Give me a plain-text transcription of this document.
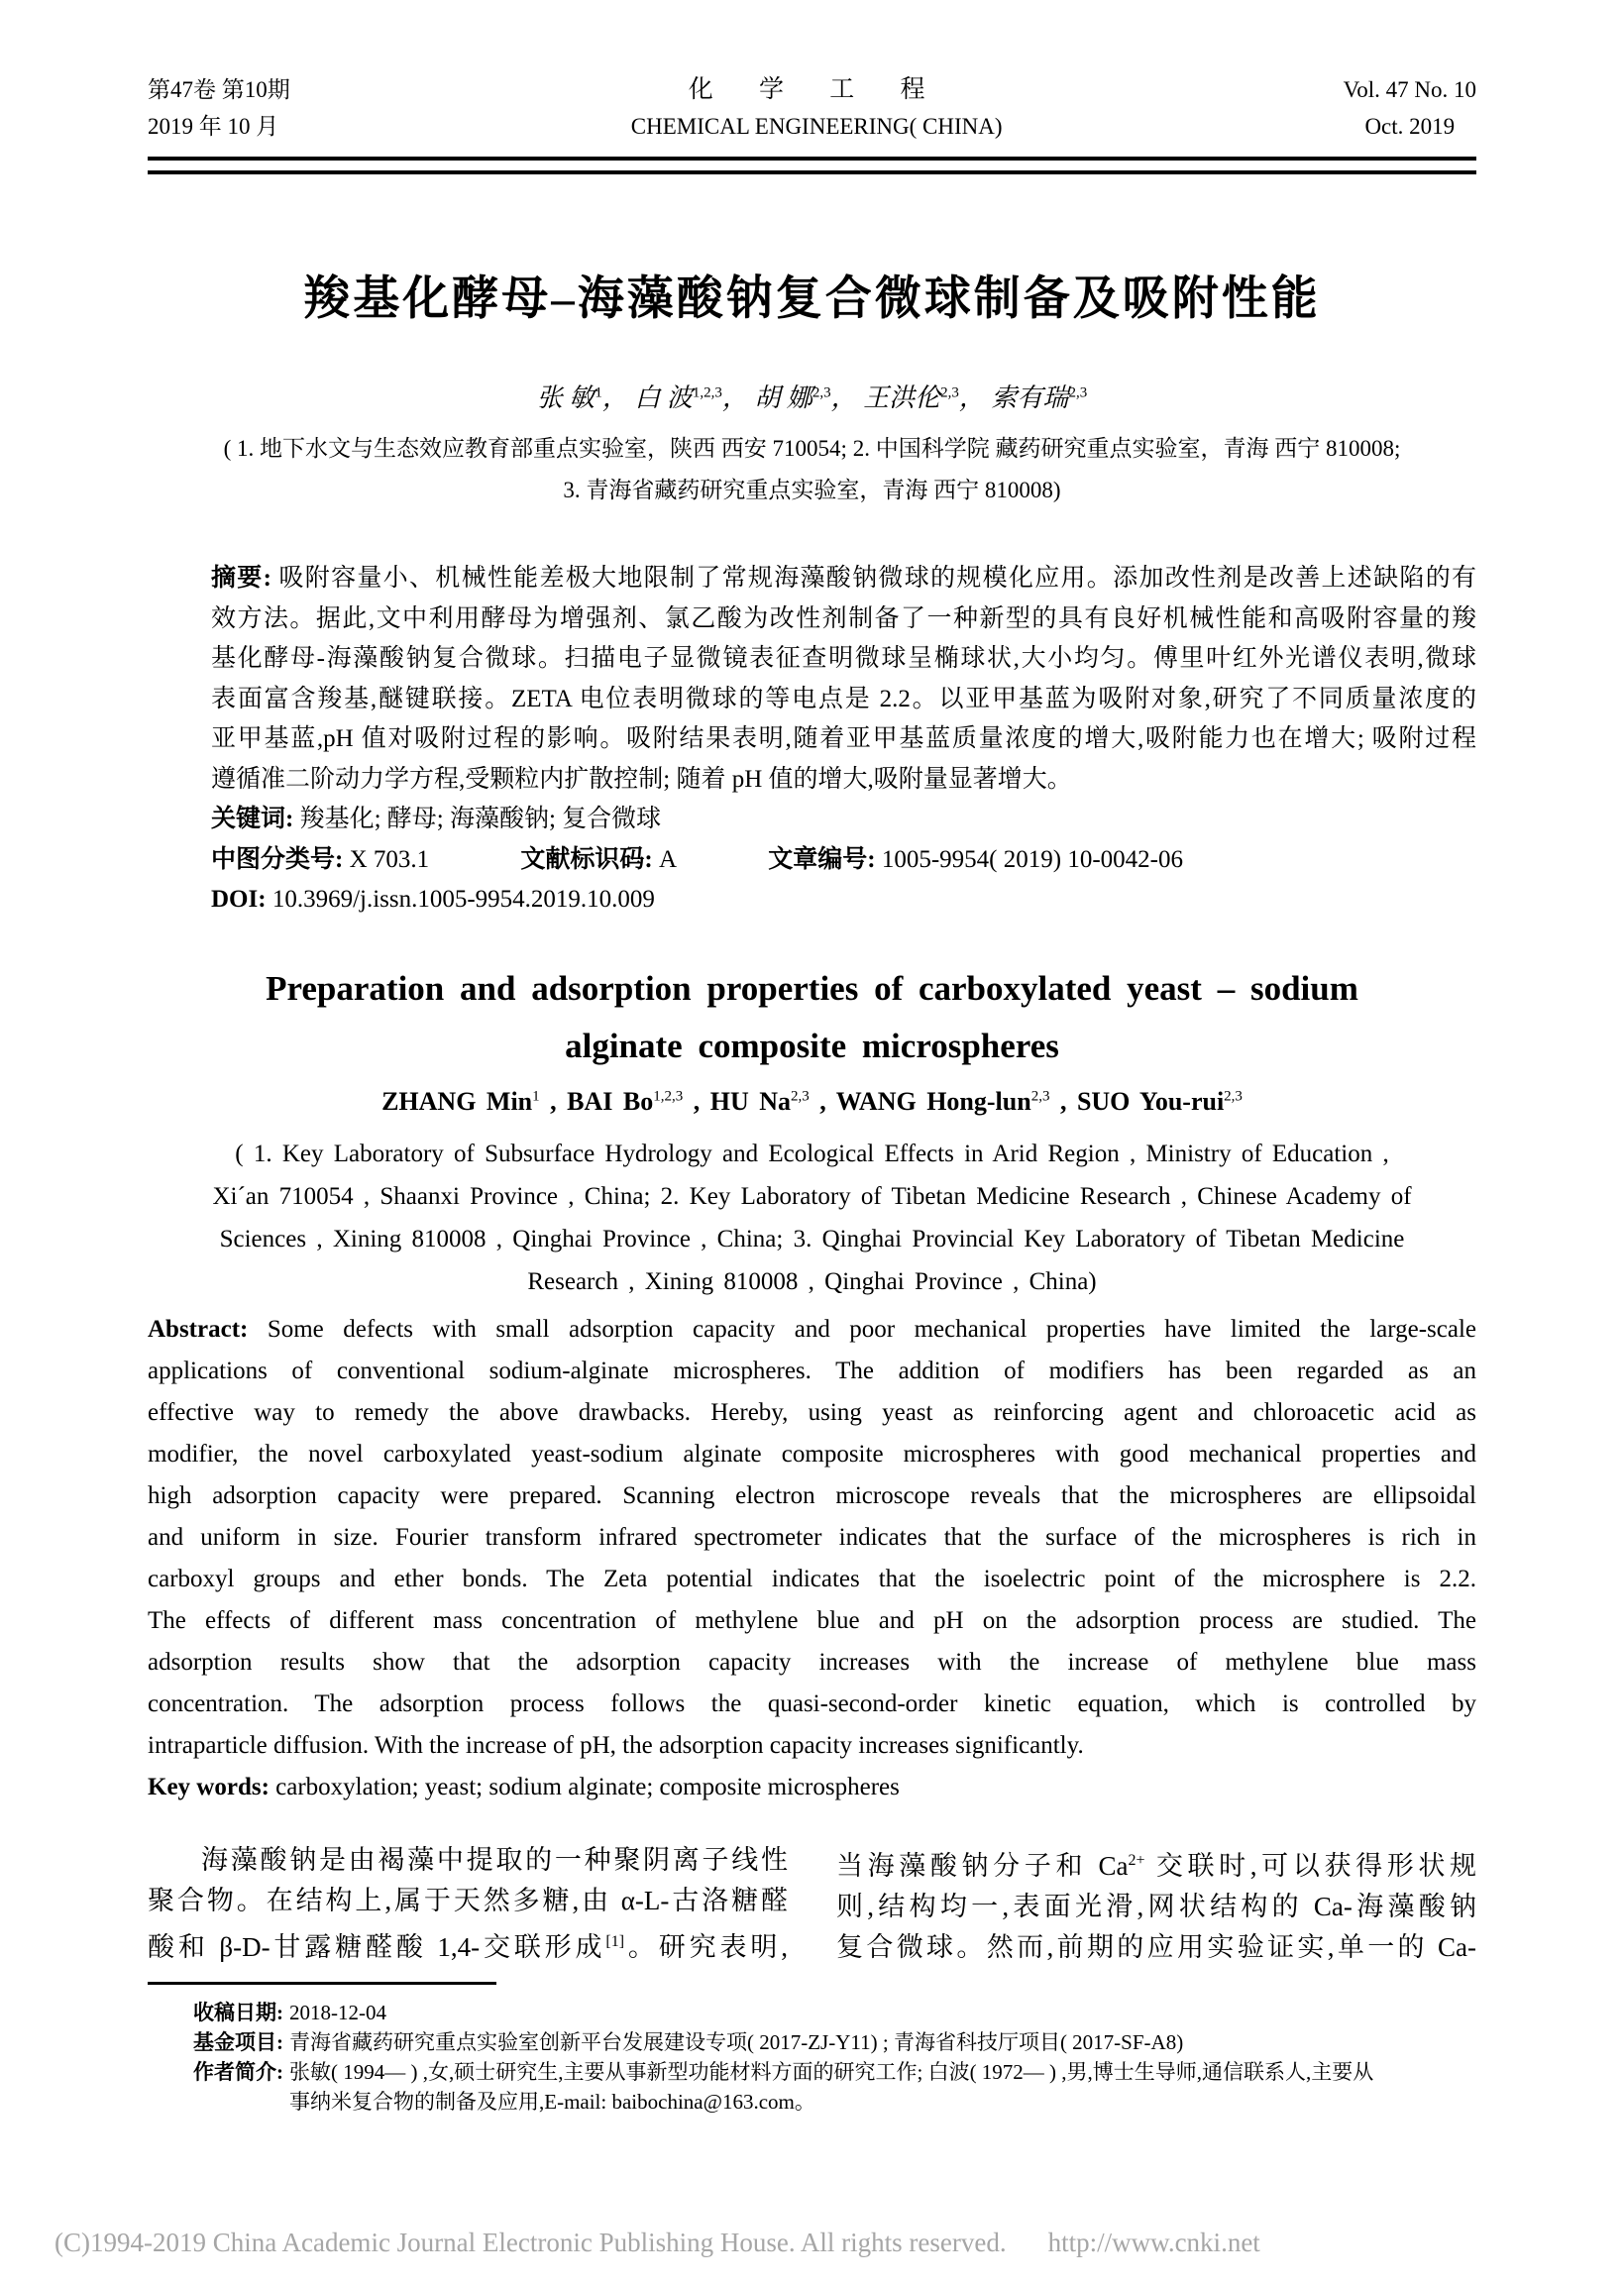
第47卷 第10期
2019 年 10 月
化 学 工 程
CHEMICAL ENGINEERING( CHINA)
Vol. 47 No. 10
Oct. 2019
羧基化酵母–海藻酸钠复合微球制备及吸附性能
张 敏$^1$， 白 波$^{1,2,3}$， 胡 娜$^{2,3}$， 王洪伦$^{2,3}$， 索有瑞$^{2,3}$
( 1. 地下水文与生态效应教育部重点实验室，陕西 西安 710054; 2. 中国科学院 藏药研究重点实验室，青海 西宁 810008;
3. 青海省藏药研究重点实验室，青海 西宁 810008)
摘要: 吸附容量小、机械性能差极大地限制了常规海藻酸钠微球的规模化应用。添加改性剂是改善上述缺陷的有
效方法。据此,文中利用酵母为增强剂、氯乙酸为改性剂制备了一种新型的具有良好机械性能和高吸附容量的羧
基化酵母-海藻酸钠复合微球。扫描电子显微镜表征查明微球呈椭球状,大小均匀。傅里叶红外光谱仪表明,微球
表面富含羧基,醚键联接。ZETA 电位表明微球的等电点是 2.2。以亚甲基蓝为吸附对象,研究了不同质量浓度的
亚甲基蓝,pH 值对吸附过程的影响。吸附结果表明,随着亚甲基蓝质量浓度的增大,吸附能力也在增大; 吸附过程
遵循准二阶动力学方程,受颗粒内扩散控制; 随着 pH 值的增大,吸附量显著增大。
关键词: 羧基化; 酵母; 海藻酸钠; 复合微球
中图分类号: X 703.1	文献标识码: A	文章编号: 1005-9954( 2019) 10-0042-06
DOI: 10.3969/j.issn.1005-9954.2019.10.009
Preparation and adsorption properties of carboxylated yeast – sodium
alginate composite microspheres
ZHANG Min$^1$ , BAI Bo$^{1,2,3}$ , HU Na$^{2,3}$ , WANG Hong-lun$^{2,3}$ , SUO You-rui$^{2,3}$
( 1. Key Laboratory of Subsurface Hydrology and Ecological Effects in Arid Region , Ministry of Education ,
Xi´an 710054 , Shaanxi Province , China; 2. Key Laboratory of Tibetan Medicine Research , Chinese Academy of
Sciences , Xining 810008 , Qinghai Province , China; 3. Qinghai Provincial Key Laboratory of Tibetan Medicine
Research , Xining 810008 , Qinghai Province , China)
Abstract: Some defects with small adsorption capacity and poor mechanical properties have limited the large-scale
applications of conventional sodium-alginate microspheres. The addition of modifiers has been regarded as an
effective way to remedy the above drawbacks. Hereby, using yeast as reinforcing agent and chloroacetic acid as
modifier, the novel carboxylated yeast-sodium alginate composite microspheres with good mechanical properties and
high adsorption capacity were prepared. Scanning electron microscope reveals that the microspheres are ellipsoidal
and uniform in size. Fourier transform infrared spectrometer indicates that the surface of the microspheres is rich in
carboxyl groups and ether bonds. The Zeta potential indicates that the isoelectric point of the microsphere is 2.2.
The effects of different mass concentration of methylene blue and pH on the adsorption process are studied. The
adsorption results show that the adsorption capacity increases with the increase of methylene blue mass
concentration. The adsorption process follows the quasi-second-order kinetic equation, which is controlled by
intraparticle diffusion. With the increase of pH, the adsorption capacity increases significantly.
Key words: carboxylation; yeast; sodium alginate; composite microspheres
海藻酸钠是由褐藻中提取的一种聚阴离子线性
聚合物。在结构上,属于天然多糖,由 α-L-古洛糖醛
酸和 β-D-甘露糖醛酸 1,4-交联形成[1]。研究表明,
当海藻酸钠分子和 $Ca^{2+}$ 交联时,可以获得形状规
则,结构均一,表面光滑,网状结构的 Ca-海藻酸钠
复合微球。然而,前期的应用实验证实,单一的 Ca-
收稿日期: 2018-12-04
基金项目: 青海省藏药研究重点实验室创新平台发展建设专项( 2017-ZJ-Y11) ; 青海省科技厅项目( 2017-SF-A8)
作者简介: 张敏( 1994— ) ,女,硕士研究生,主要从事新型功能材料方面的研究工作; 白波( 1972— ) ,男,博士生导师,通信联系人,主要从
事纳米复合物的制备及应用,E-mail: baibochina@163.com。
(C)1994-2019 China Academic Journal Electronic Publishing House. All rights reserved. http://www.cnki.net
